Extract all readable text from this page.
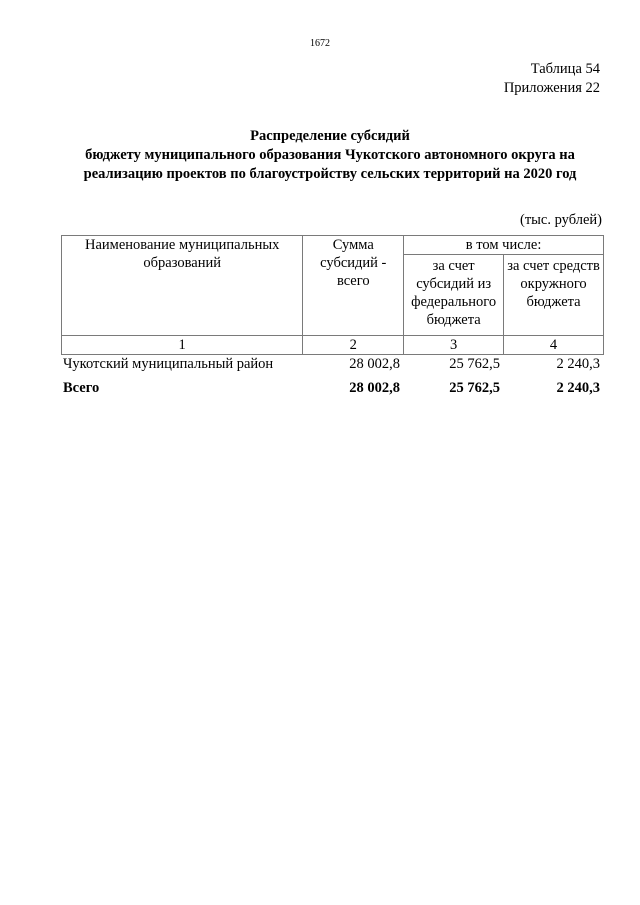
1672
Таблица 54
Приложения 22
Распределение субсидий
бюджету муниципального образования Чукотского автономного округа на
реализацию проектов по благоустройству сельских территорий на 2020 год
(тыс. рублей)
Наименование муниципальных образований	Сумма субсидий - всего	в том числе:	
		за счет субсидий из федерального бюджета	за счет средств окружного бюджета
1	2	3	4
Чукотский муниципальный район	28 002,8	25 762,5	2 240,3
Всего	28 002,8	25 762,5	2 240,3
